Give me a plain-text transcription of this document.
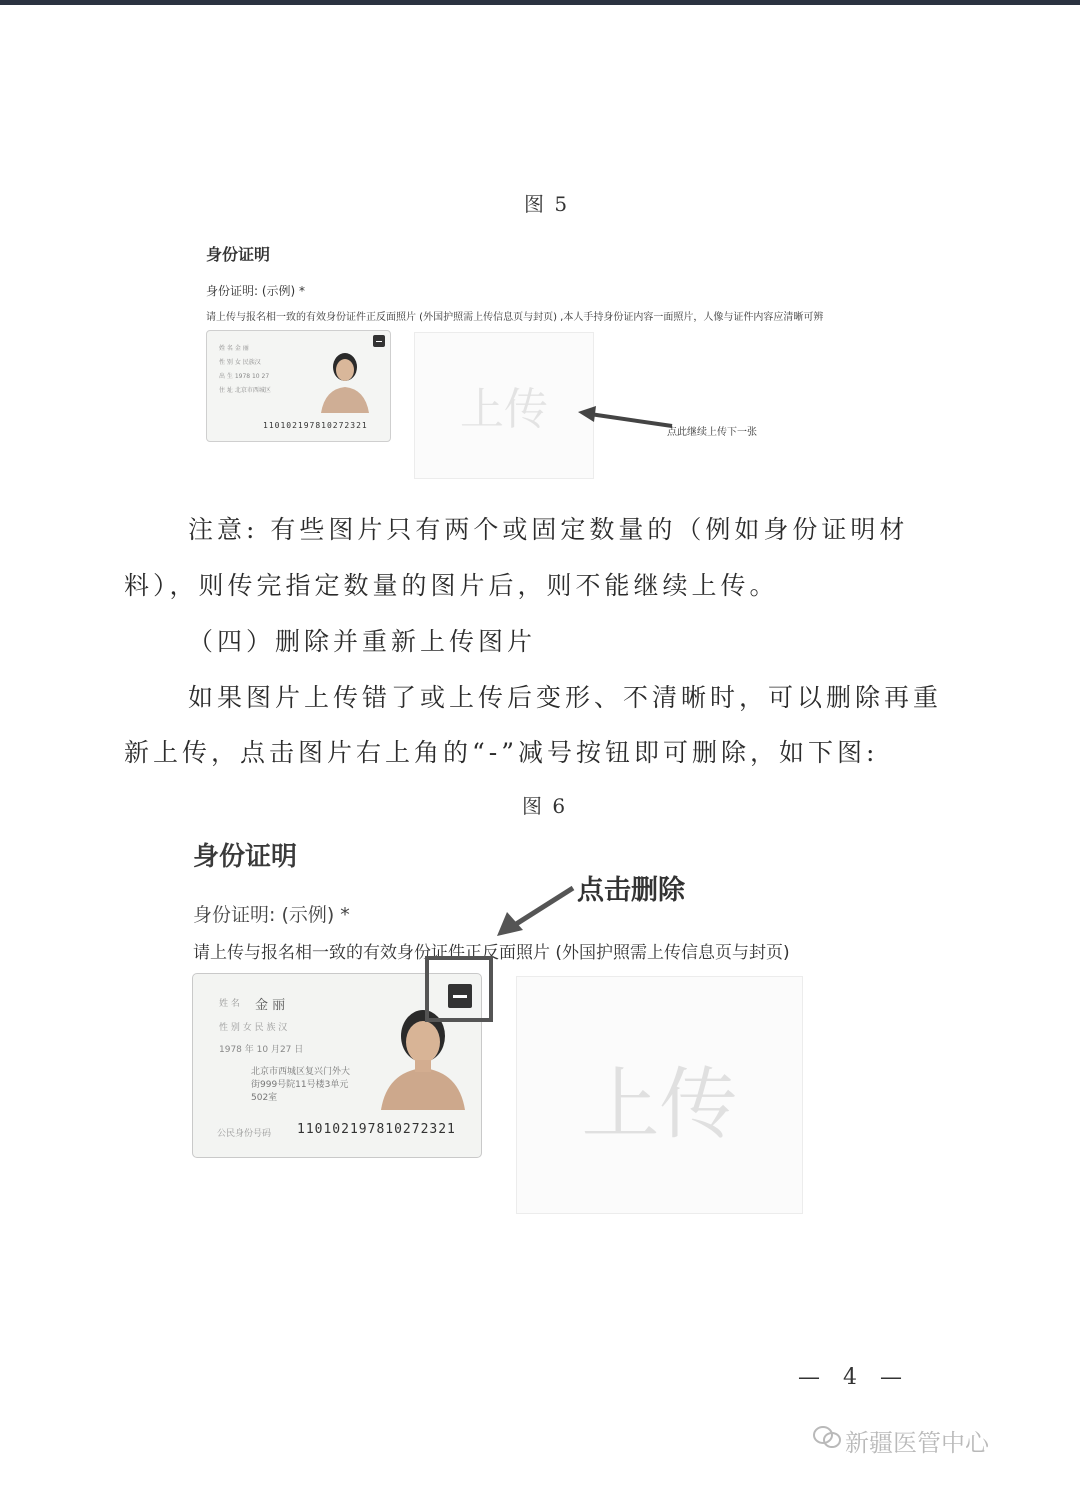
图 5
身份证明
身份证明: (示例) *
请上传与报名相一致的有效身份证件正反面照片 (外国护照需上传信息页与封页) ,本人手持身份证内容一面照片，人像与证件内容应清晰可辨
姓 名 金 丽
性 别 女 民族汉
出 生 1978 10 27
住 址 北京市西城区
110102197810272321	上传	点此继续上传下一张
注意: 有些图片只有两个或固定数量的（例如身份证明材
料），则传完指定数量的图片后，则不能继续上传。
（四）删除并重新上传图片
如果图片上传错了或上传后变形、不清晰时，可以删除再重
新上传，点击图片右上角的“-”减号按钮即可删除，如下图:
图 6
身份证明
点击删除
身份证明: (示例) *
请上传与报名相一致的有效身份证件正反面照片 (外国护照需上传信息页与封页)
姓 名 金 丽
性 别 女 民 族 汉
1978 年 10 月27 日
北京市西城区复兴门外大
街999号院11号楼3单元
502室
公民身份号码 110102197810272321	上传
— 4 —
新疆医管中心
